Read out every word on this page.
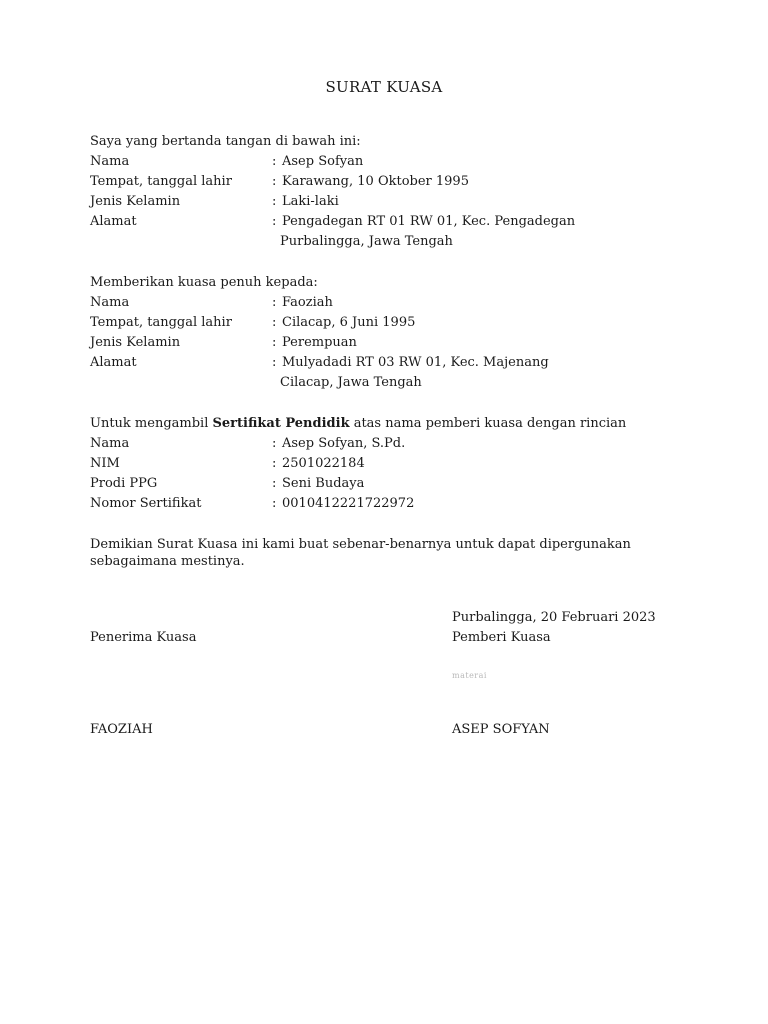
SURAT KUASA
Saya yang bertanda tangan di bawah ini:
Nama	: Asep Sofyan
Tempat, tanggal lahir	: Karawang, 10 Oktober 1995
Jenis Kelamin	: Laki-laki
Alamat	: Pengadegan RT 01 RW 01, Kec. Pengadegan
Purbalingga, Jawa Tengah
Memberikan kuasa penuh kepada:
Nama	: Faoziah
Tempat, tanggal lahir	: Cilacap, 6 Juni 1995
Jenis Kelamin	: Perempuan
Alamat	: Mulyadadi RT 03 RW 01, Kec. Majenang
Cilacap, Jawa Tengah
Untuk mengambil Sertifikat Pendidik atas nama pemberi kuasa dengan rincian
Nama	: Asep Sofyan, S.Pd.
NIM	: 2501022184
Prodi PPG	: Seni Budaya
Nomor Sertifikat	: 0010412221722972
Demikian Surat Kuasa ini kami buat sebenar-benarnya untuk dapat dipergunakan
sebagaimana mestinya.
Purbalingga, 20 Februari 2023
Penerima Kuasa	Pemberi Kuasa
materai
FAOZIAH	ASEP SOFYAN
